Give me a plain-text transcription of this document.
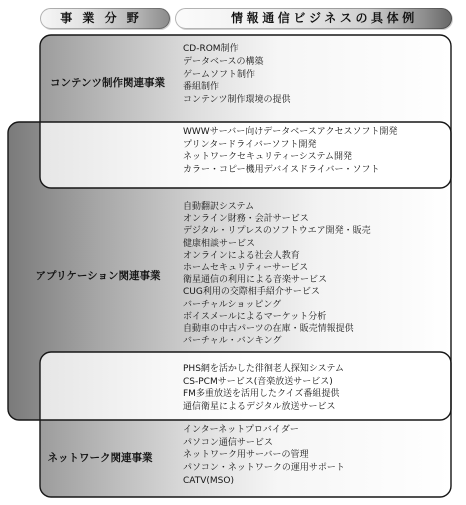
事 業 分 野	情報通信ビジネスの具体例
コンテンツ制作関連事業
アプリケーション関連事業
ネットワーク関連事業
CD-ROM制作
データベースの構築
ゲームソフト制作
番組制作
コンテンツ制作環境の提供
WWWサーバー向けデータベースアクセスソフト開発
プリンタードライバーソフト開発
ネットワークセキュリティーシステム開発
カラー・コピー機用デバイスドライバー・ソフト
自動翻訳システム
オンライン財務・会計サービス
デジタル・リプレスのソフトウエア開発・販売
健康相談サービス
オンラインによる社会人教育
ホームセキュリティーサービス
衛星通信の利用による音楽サービス
CUG利用の交際相手紹介サービス
バーチャルショッピング
ボイスメールによるマーケット分析
自動車の中古パーツの在庫・販売情報提供
バーチャル・バンキング
PHS網を活かした徘徊老人探知システム
CS-PCMサービス(音楽放送サービス)
FM多重放送を活用したクイズ番組提供
通信衛星によるデジタル放送サービス
インターネットプロバイダー
パソコン通信サービス
ネットワーク用サーバーの管理
パソコン・ネットワークの運用サポート
CATV(MSO)
